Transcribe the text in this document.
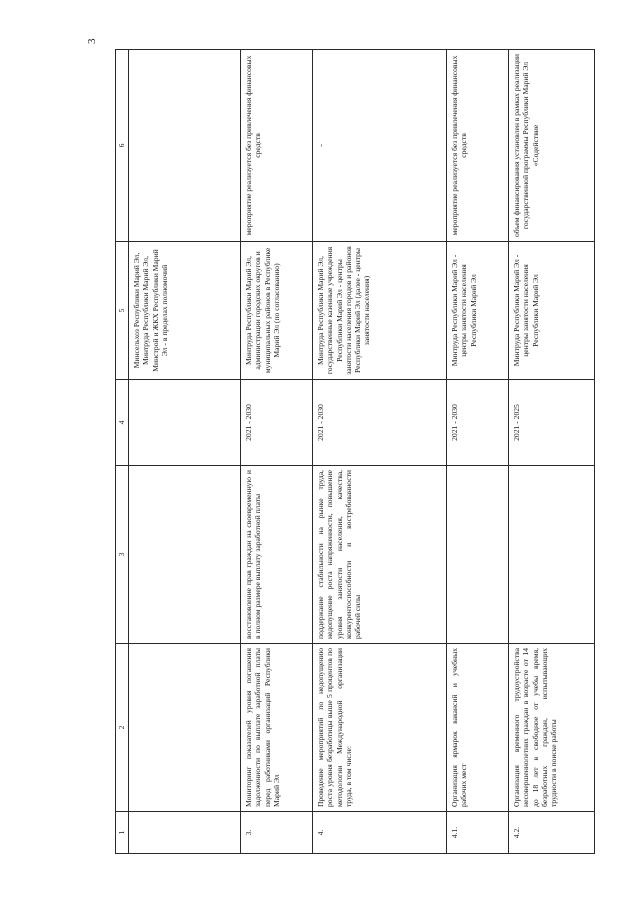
3
1	2	3	4	5	6
				Минсельхоз Республики Марий Эл, Минтруда Республики Марий Эл, Минстрой и ЖКХ Республики Марий Эл - в пределах полномочий	
3.	Мониторинг показателей уровня погашения задолженности по выплате заработной платы перед работниками организаций Республики Марий Эл	восстановление прав граждан на своевременную и в полном размере выплату заработной платы	2021 - 2030	Минтруда Республики Марий Эл, администрации городских округов и муниципальных районов в Республике Марий Эл (по согласованию)	мероприятие реализуется без привлечения финансовых средств
4.	Проведение мероприятий по недопущению роста уровня безработицы выше 5 процентов по методологии Международной организации труда, в том числе:	поддержание стабильности на рынке труда, недопущение роста напряженности, повышение уровня занятости населения, качества, конкурентоспособности и востребованности рабочей силы	2021 - 2030	Минтруда Республики Марий Эл, государственные казенные учреждения Республики Марий Эл - центры занятости населения городов и районов Республики Марий Эл (далее - центры занятости населения)	-
4.1.	Организация ярмарок вакансий и учебных рабочих мест		2021 - 2030	Минтруда Республики Марий Эл - центры занятости населения Республики Марий Эл	мероприятие реализуется без привлечения финансовых средств
4.2.	Организация временного трудоустройства несовершеннолетних граждан в возрасте от 14 до 18 лет в свободное от учебы время, безработных граждан, испытывающих трудности в поиске работы		2021 - 2025	Минтруда Республики Марий Эл - центры занятости населения Республики Марий Эл	объем финансирования установлен в рамках реализации государственной программы Республики Марий Эл «Содействие
